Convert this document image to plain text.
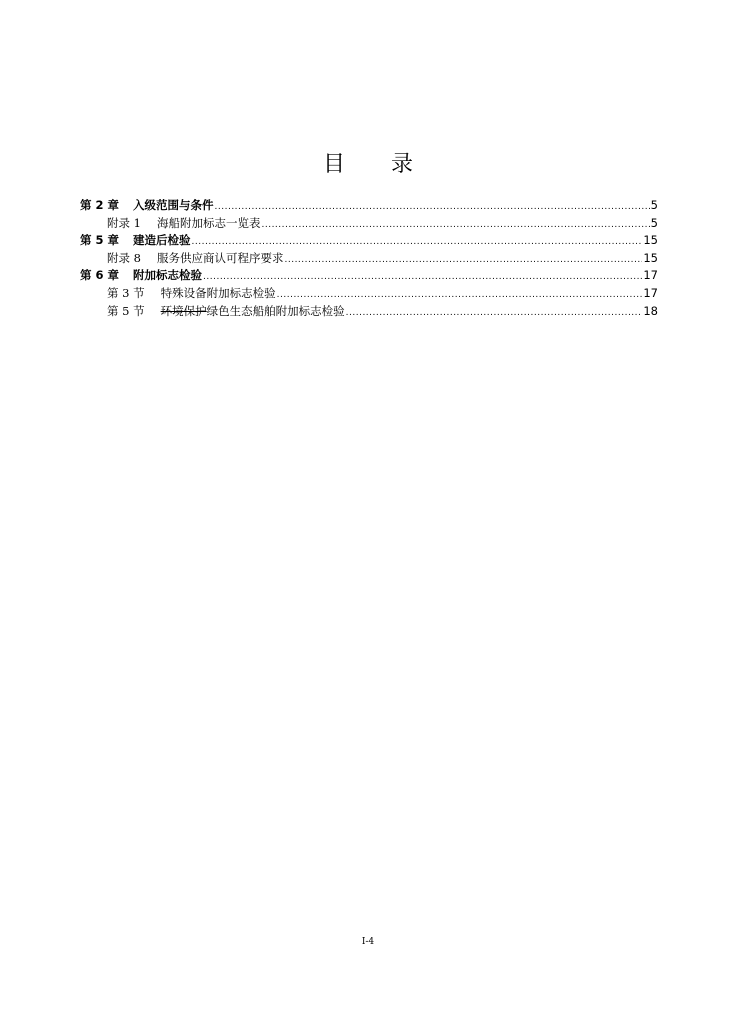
目 录
第 2 章 入级范围与条件 .....	5
附录 1 海船附加标志一览表 .....	5
第 5 章 建造后检验 .....	15
附录 8 服务供应商认可程序要求 .....	15
第 6 章 附加标志检验 .....	17
第 3 节 特殊设备附加标志检验 .....	17
第 5 节 环境保护绿色生态船舶附加标志检验 .....	18
I-4
